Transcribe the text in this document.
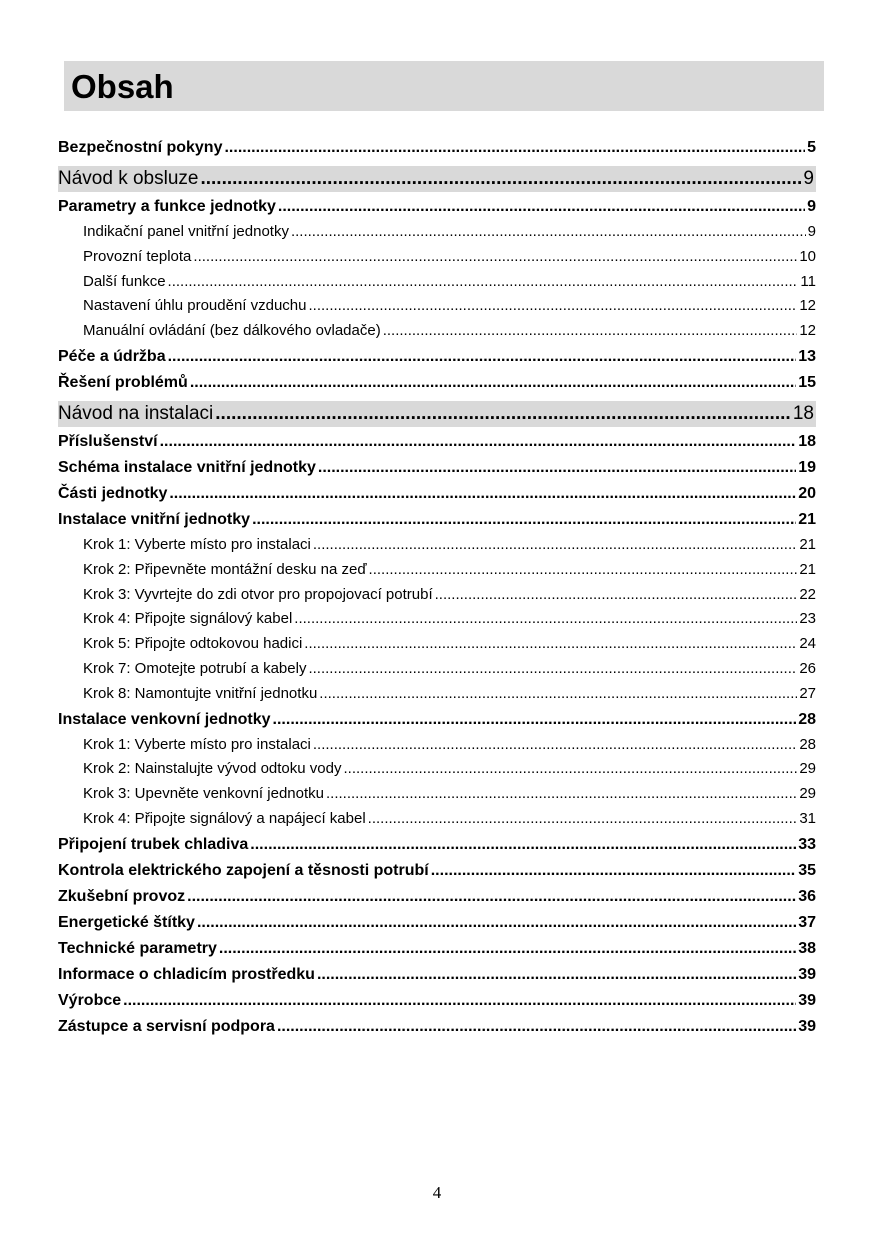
Obsah
Bezpečnostní pokyny .....	5
Návod k obsluze .....	9
Parametry a funkce jednotky .....	9
Indikační panel vnitřní jednotky .....	9
Provozní teplota .....	10
Další funkce .....	11
Nastavení úhlu proudění vzduchu .....	12
Manuální ovládání (bez dálkového ovladače) .....	12
Péče a údržba .....	13
Řešení problémů .....	15
Návod na instalaci .....	18
Příslušenství .....	18
Schéma instalace vnitřní jednotky .....	19
Části jednotky .....	20
Instalace vnitřní jednotky .....	21
Krok 1: Vyberte místo pro instalaci .....	21
Krok 2: Připevněte montážní desku na zeď .....	21
Krok 3: Vyvrtejte do zdi otvor pro propojovací potrubí .....	22
Krok 4: Připojte signálový kabel .....	23
Krok 5: Připojte odtokovou hadici .....	24
Krok 7: Omotejte potrubí a kabely .....	26
Krok 8: Namontujte vnitřní jednotku .....	27
Instalace venkovní jednotky .....	28
Krok 1: Vyberte místo pro instalaci .....	28
Krok 2: Nainstalujte vývod odtoku vody .....	29
Krok 3: Upevněte venkovní jednotku .....	29
Krok 4: Připojte signálový a napájecí kabel .....	31
Připojení trubek chladiva .....	33
Kontrola elektrického zapojení a těsnosti potrubí .....	35
Zkušební provoz .....	36
Energetické štítky .....	37
Technické parametry .....	38
Informace o chladicím prostředku .....	39
Výrobce .....	39
Zástupce a servisní podpora .....	39
4
